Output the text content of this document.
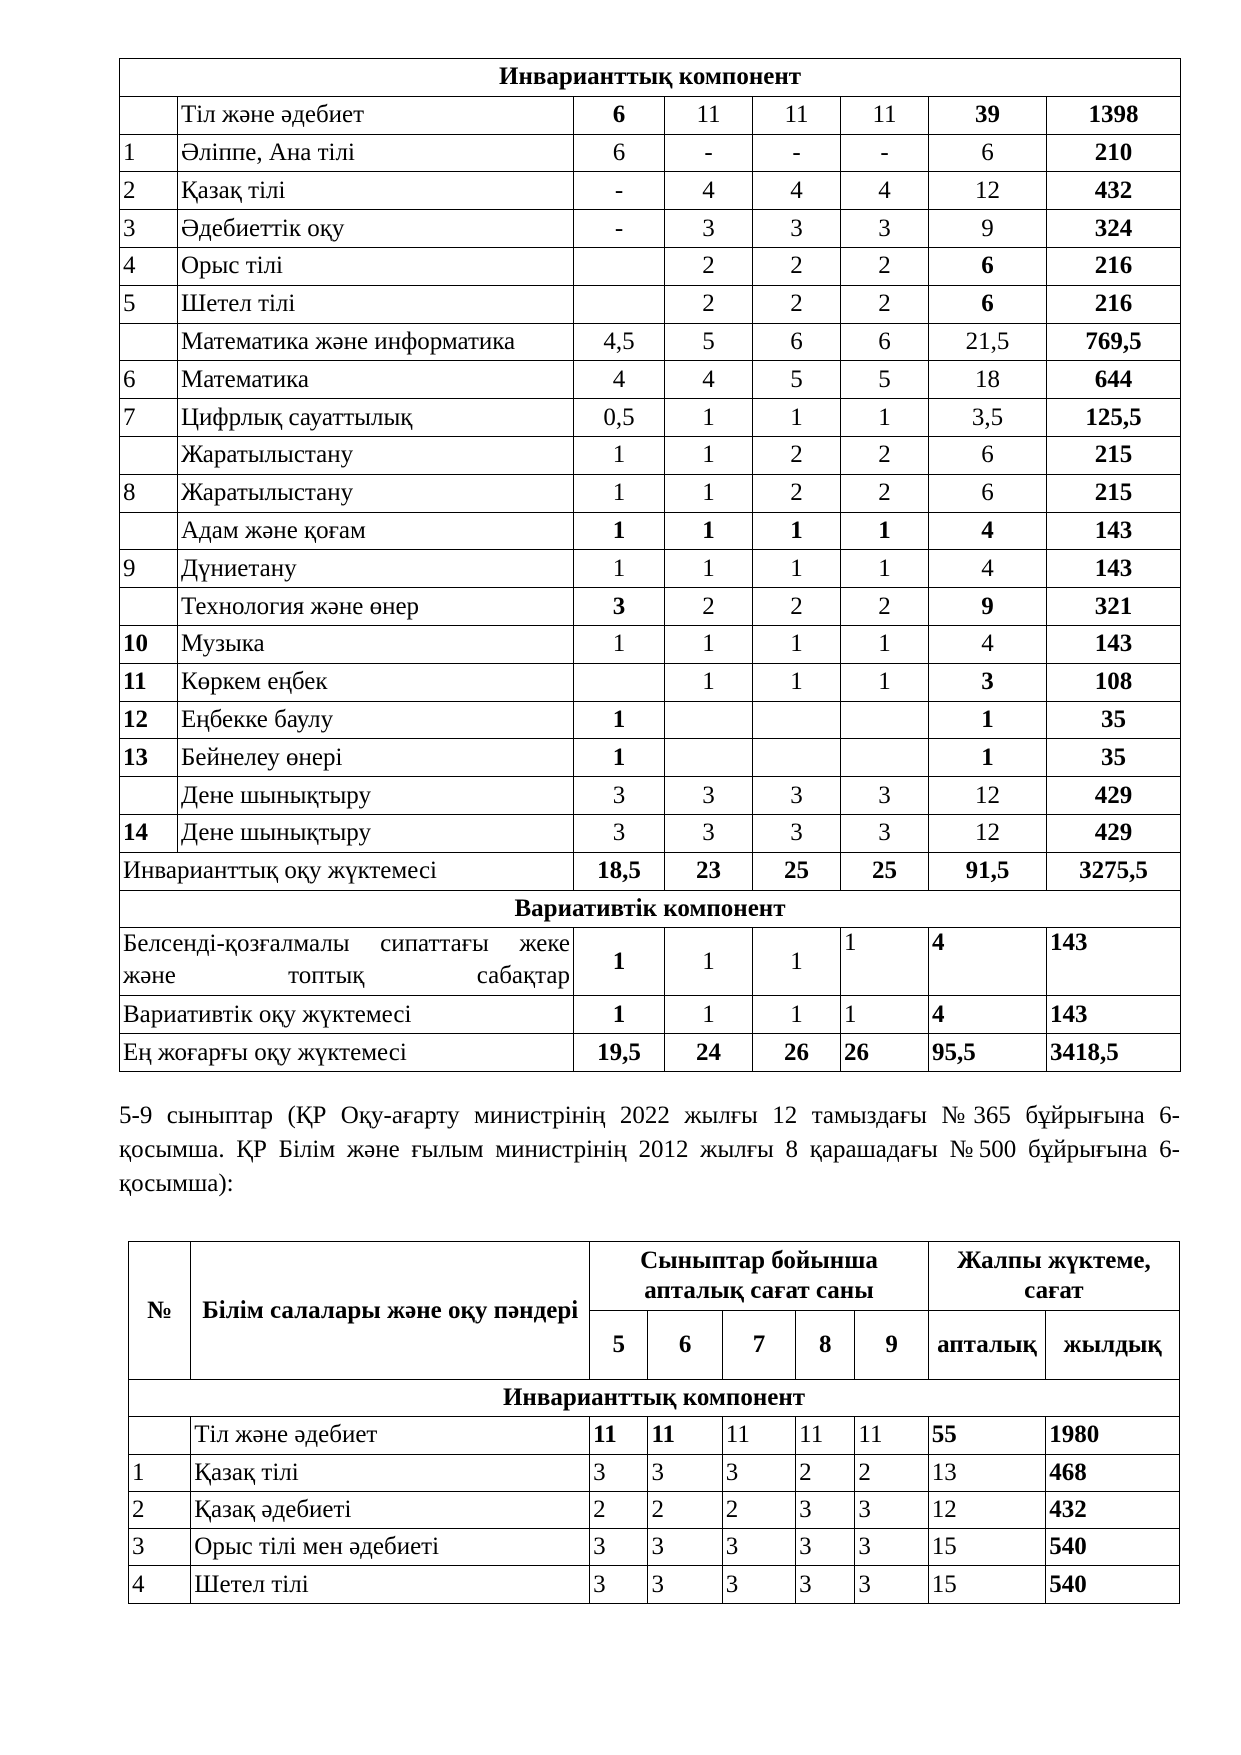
Инварианттық компонент							
	Тіл және әдебиет	6	11	11	11	39	1398
1	Әліппе, Ана тілі	6	-	-	-	6	210
2	Қазақ тілі	-	4	4	4	12	432
3	Әдебиеттік оқу	-	3	3	3	9	324
4	Орыс тілі		2	2	2	6	216
5	Шетел тілі		2	2	2	6	216
	Математика және информатика	4,5	5	6	6	21,5	769,5
6	Математика	4	4	5	5	18	644
7	Цифрлық сауаттылық	0,5	1	1	1	3,5	125,5
	Жаратылыстану	1	1	2	2	6	215
8	Жаратылыстану	1	1	2	2	6	215
	Адам және қоғам	1	1	1	1	4	143
9	Дүниетану	1	1	1	1	4	143
	Технология және өнер	3	2	2	2	9	321
10	Музыка	1	1	1	1	4	143
11	Көркем еңбек		1	1	1	3	108
12	Еңбекке баулу	1				1	35
13	Бейнелеу өнері	1				1	35
	Дене шынықтыру	3	3	3	3	12	429
14	Дене шынықтыру	3	3	3	3	12	429
Инварианттық оқу жүктемесі		18,5	23	25	25	91,5	3275,5
Вариативтік компонент							
Белсенді-қозғалмалы сипаттағы жеке және топтық сабақтар		1	1	1	1	4	143
Вариативтік оқу жүктемесі		1	1	1	1	4	143
Ең жоғарғы оқу жүктемесі		19,5	24	26	26	95,5	3418,5
5-9 сыныптар (ҚР Оқу-ағарту министрінің 2022 жылғы 12 тамыздағы №365 бұйрығына 6-қосымша. ҚР Білім және ғылым министрінің 2012 жылғы 8 қарашадағы №500 бұйрығына 6- қосымша):
№	Білім салалары және оқу пәндері	Сыныптар бойынша апталық сағат саны					Жалпы жүктеме, сағат	
		5	6	7	8	9	апталық	жылдық
Инварианттық компонент								
	Тіл және әдебиет	11	11	11	11	11	55	1980
1	Қазақ тілі	3	3	3	2	2	13	468
2	Қазақ әдебиеті	2	2	2	3	3	12	432
3	Орыс тілі мен әдебиеті	3	3	3	3	3	15	540
4	Шетел тілі	3	3	3	3	3	15	540
